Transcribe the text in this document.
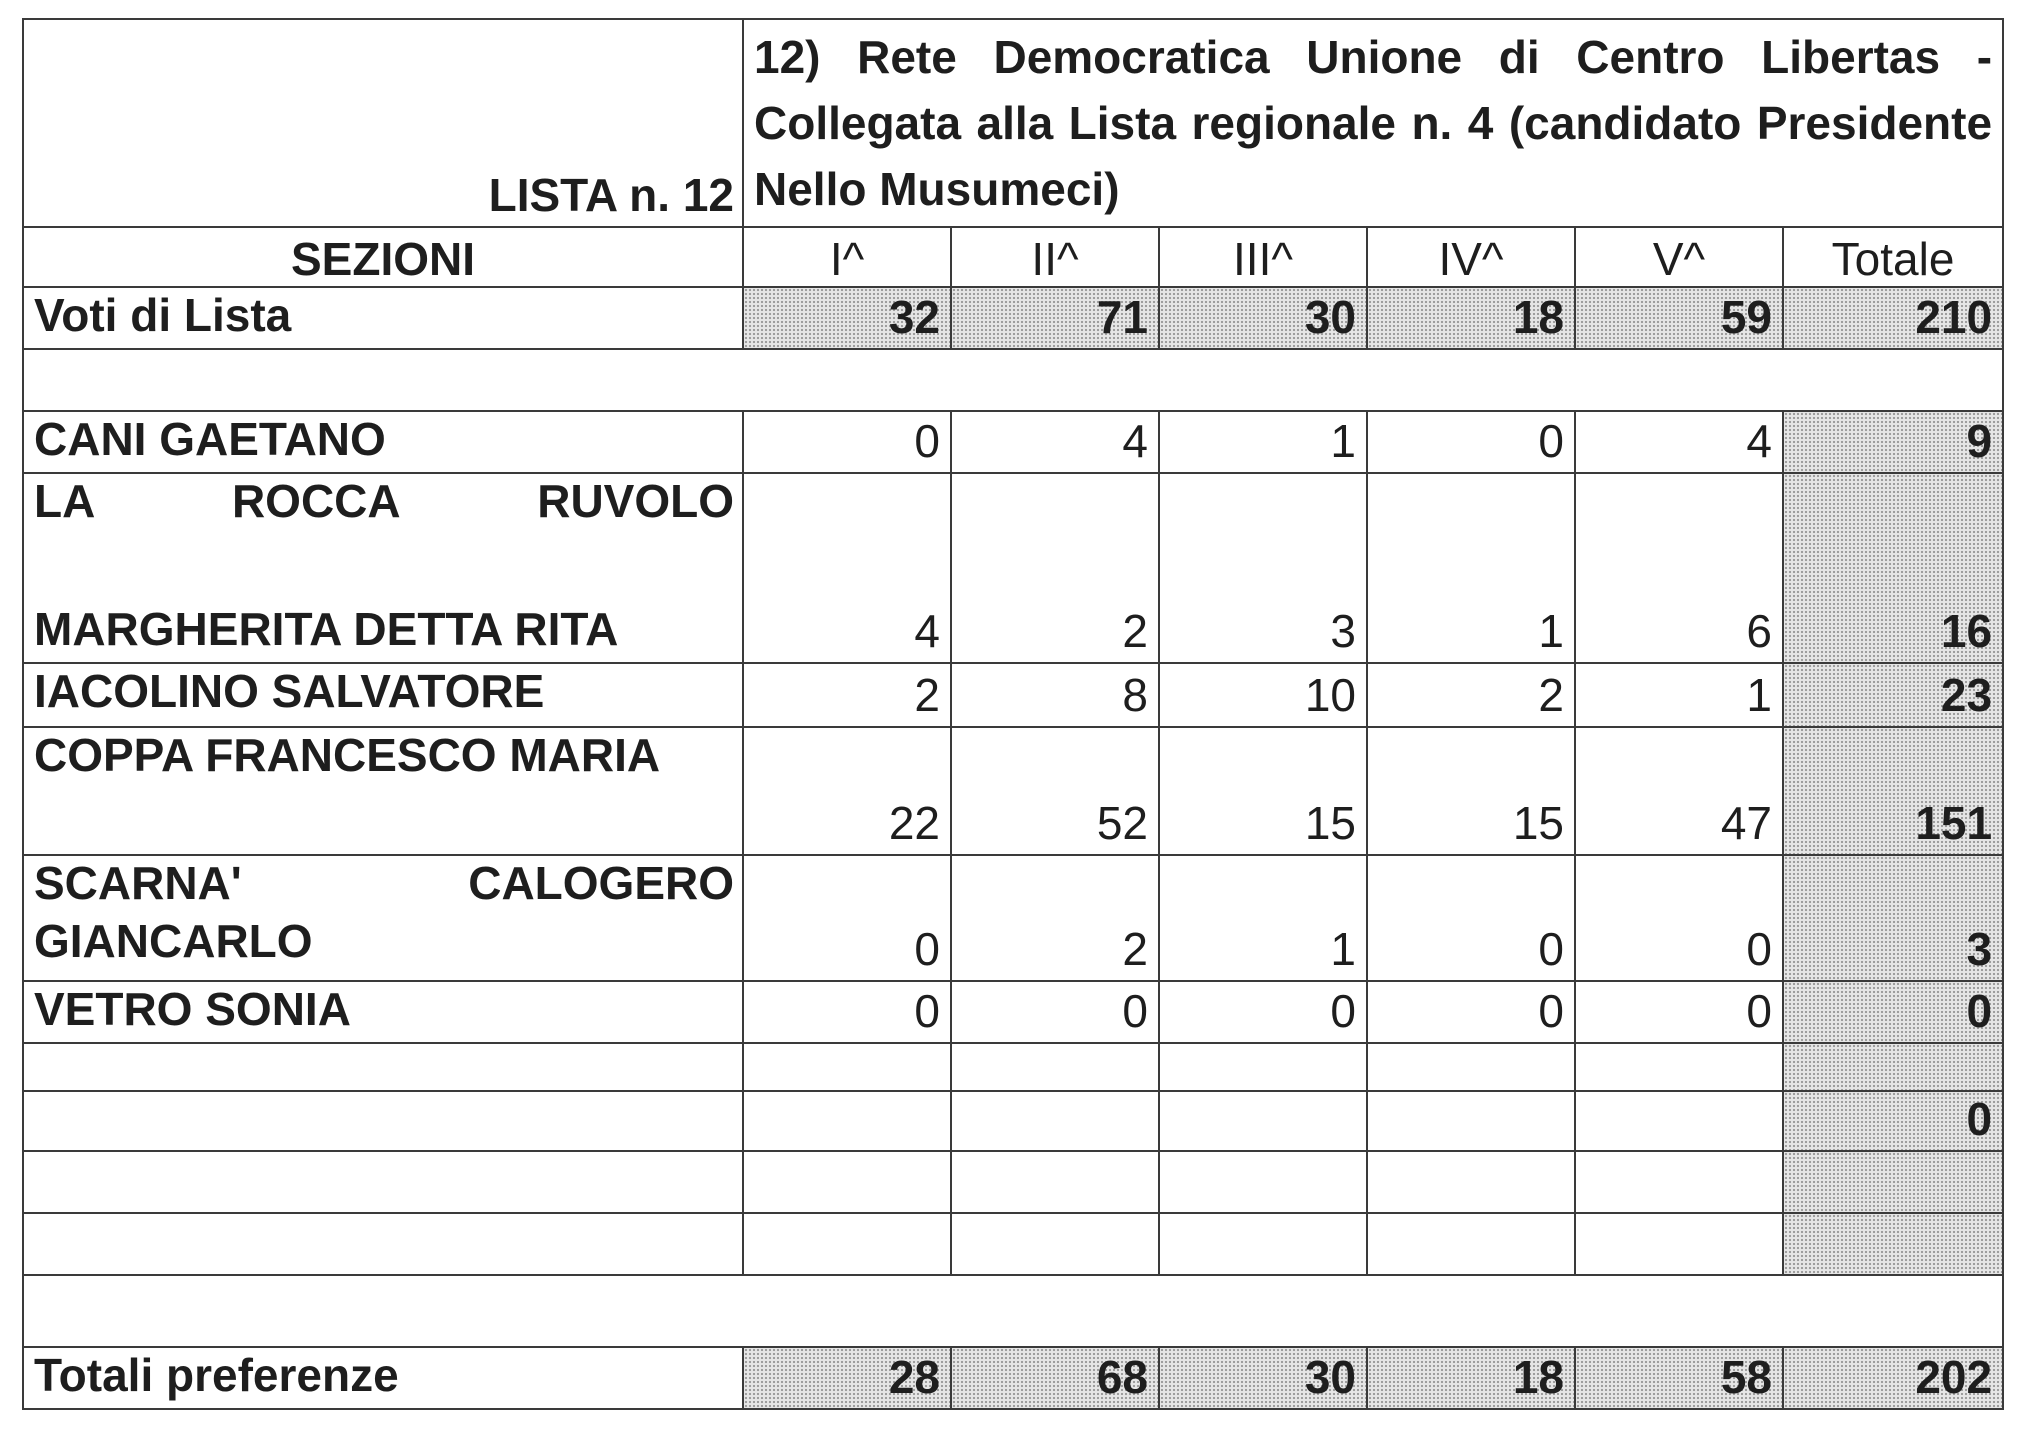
LISTA n. 12	12) Rete Democratica Unione di Centro Libertas - Collegata alla Lista regionale n. 4 (candidato Presidente Nello Musumeci)					
SEZIONI	I^	II^	III^	IV^	V^	Totale
Voti di Lista	32	71	30	18	59	210

CANI GAETANO	0	4	1	0	4	9

LA ROCCA RUVOLO
MARGHERITA DETTA RITA	4	2	3	1	6	16
IACOLINO SALVATORE	2	8	10	2	1	23
COPPA FRANCESCO MARIA	22	52	15	15	47	151

SCARNA' CALOGERO
GIANCARLO	0	2	1	0	0	3
VETRO SONIA	0	0	0	0	0	0

						0

Totali preferenze	28	68	30	18	58	202
